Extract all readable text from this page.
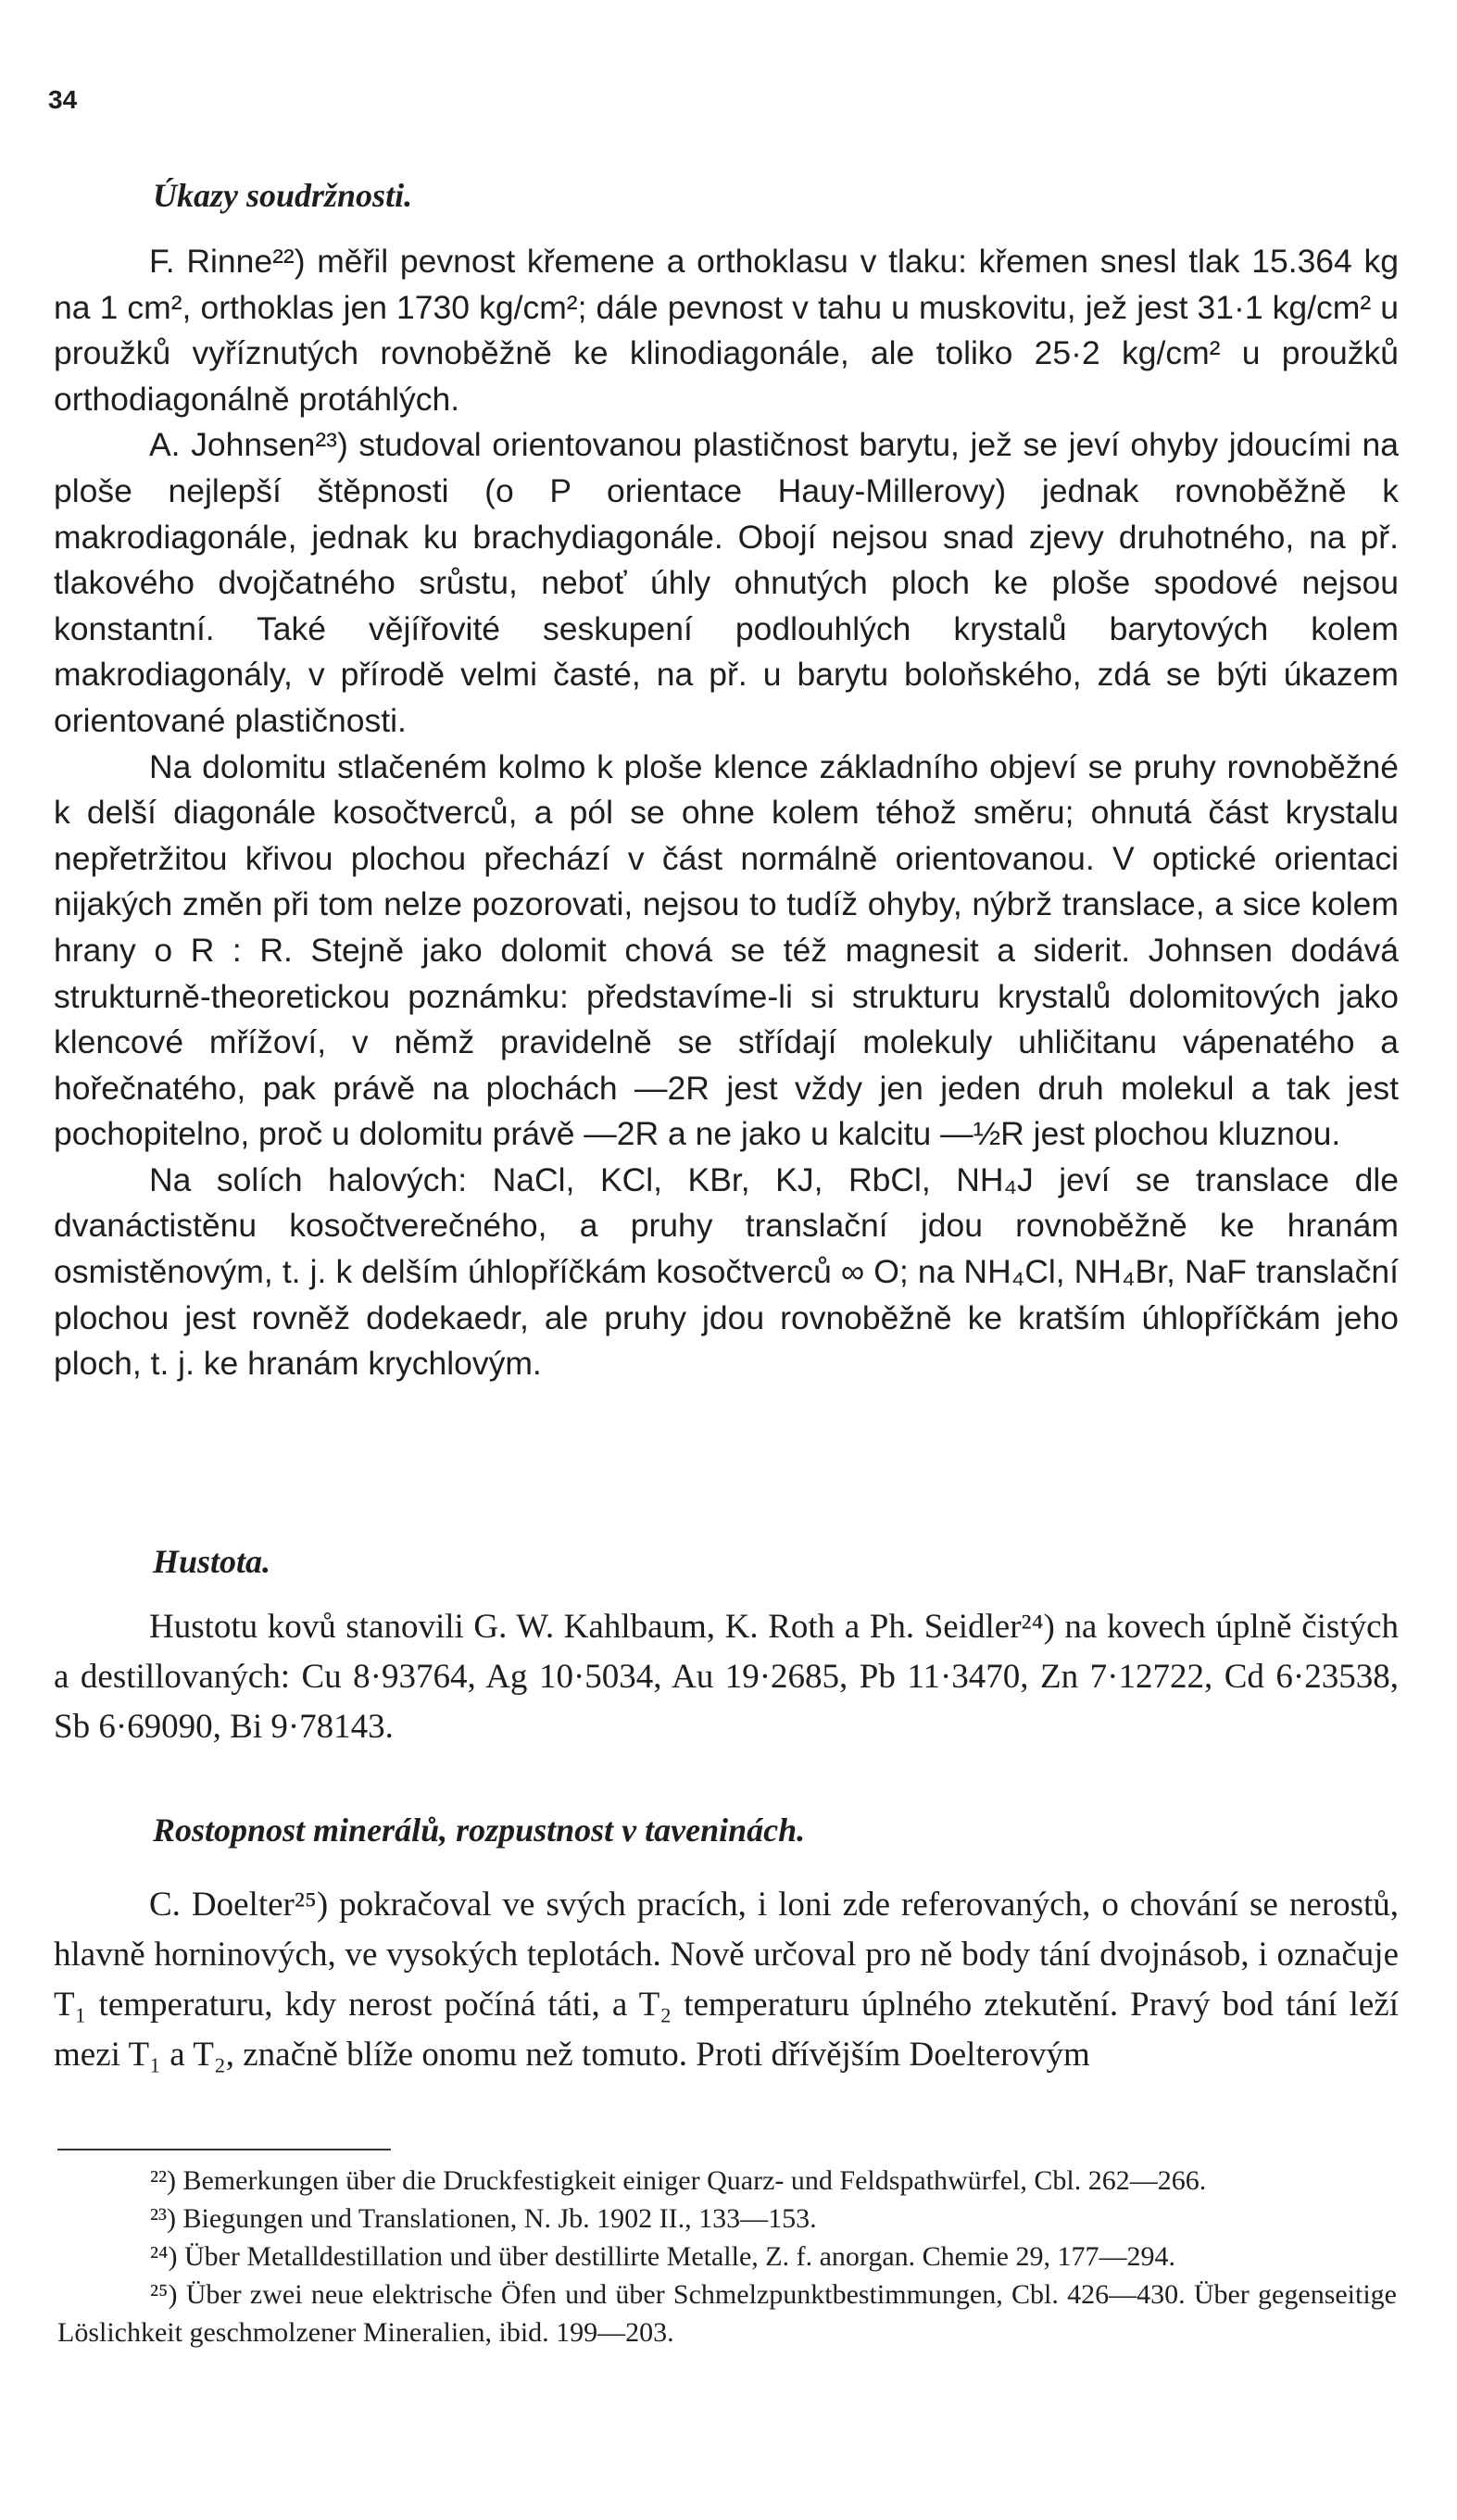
34
Úkazy soudržnosti.

F. Rinne²²) měřil pevnost křemene a orthoklasu v tlaku: křemen snesl tlak 15.364 kg na 1 cm², orthoklas jen 1730 kg/cm²; dále pevnost v tahu u muskovitu, jež jest 31·1 kg/cm² u proužků vyříznutých rovnoběžně ke klinodiagonále, ale toliko 25·2 kg/cm² u proužků orthodiagonálně protáhlých.

A. Johnsen²³) studoval orientovanou plastičnost barytu, jež se jeví ohyby jdoucími na ploše nejlepší štěpnosti (o P orientace Hauy-Millerovy) jednak rovnoběžně k makrodiagonále, jednak ku brachydiagonále. Obojí nejsou snad zjevy druhotného, na př. tlakového dvojčatného srůstu, neboť úhly ohnutých ploch ke ploše spodové nejsou konstantní. Také vějířovité seskupení podlouhlých krystalů barytových kolem makrodiagonály, v přírodě velmi časté, na př. u barytu boloňského, zdá se býti úkazem orientované plastičnosti.

Na dolomitu stlačeném kolmo k ploše klence základního objeví se pruhy rovnoběžné k delší diagonále kosočtverců, a pól se ohne kolem téhož směru; ohnutá část krystalu nepřetržitou křivou plochou přechází v část normálně orientovanou. V optické orientaci nijakých změn při tom nelze pozorovati, nejsou to tudíž ohyby, nýbrž translace, a sice kolem hrany o R : R. Stejně jako dolomit chová se též magnesit a siderit. Johnsen dodává strukturně-theoretickou poznámku: představíme-li si strukturu krystalů dolomitových jako klencové mřížoví, v němž pravidelně se střídají molekuly uhličitanu vápenatého a hořečnatého, pak právě na plochách —2R jest vždy jen jeden druh molekul a tak jest pochopitelno, proč u dolomitu právě —2R a ne jako u kalcitu —½R jest plochou kluznou.

Na solích halových: NaCl, KCl, KBr, KJ, RbCl, NH₄J jeví se translace dle dvanáctistěnu kosočtverečného, a pruhy translační jdou rovnoběžně ke hranám osmistěnovým, t. j. k delším úhlopříčkám kosočtverců ∞ O; na NH₄Cl, NH₄Br, NaF translační plochou jest rovněž dodekaedr, ale pruhy jdou rovnoběžně ke kratším úhlopříčkám jeho ploch, t. j. ke hranám krychlovým.

Hustota.

Hustotu kovů stanovili G. W. Kahlbaum, K. Roth a Ph. Seidler²⁴) na kovech úplně čistých a destillovaných: Cu 8·93764, Ag 10·5034, Au 19·2685, Pb 11·3470, Zn 7·12722, Cd 6·23538, Sb 6·69090, Bi 9·78143.

Rostopnost minerálů, rozpustnost v taveninách.

C. Doelter²⁵) pokračoval ve svých pracích, i loni zde referovaných, o chování se nerostů, hlavně horninových, ve vysokých teplotách. Nově určoval pro ně body tání dvojnásob, i označuje T₁ temperaturu, kdy nerost počíná táti, a T₂ temperaturu úplného ztekutění. Pravý bod tání leží mezi T₁ a T₂, značně blíže onomu než tomuto. Proti dřívějším Doelterovým

²²) Bemerkungen über die Druckfestigkeit einiger Quarz- und Feldspathwürfel, Cbl. 262—266.

²³) Biegungen und Translationen, N. Jb. 1902 II., 133—153.

²⁴) Über Metalldestillation und über destillirte Metalle, Z. f. anorgan. Chemie 29, 177—294.

²⁵) Über zwei neue elektrische Öfen und über Schmelzpunktbestimmungen, Cbl. 426—430. Über gegenseitige Löslichkeit geschmolzener Mineralien, ibid. 199—203.
